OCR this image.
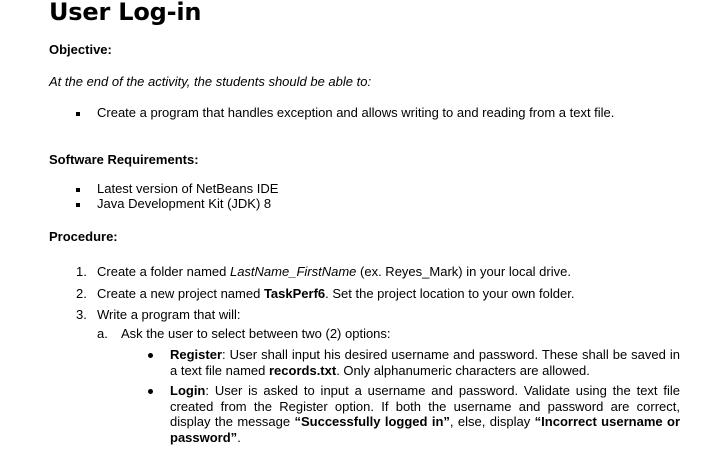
User Log-in
Objective:
At the end of the activity, the students should be able to:
Create a program that handles exception and allows writing to and reading from a text file.
Software Requirements:
Latest version of NetBeans IDE
Java Development Kit (JDK) 8
Procedure:
1. Create a folder named LastName_FirstName (ex. Reyes_Mark) in your local drive.
2. Create a new project named TaskPerf6. Set the project location to your own folder.
3. Write a program that will:
a. Ask the user to select between two (2) options:
Register: User shall input his desired username and password. These shall be saved in a text file named records.txt. Only alphanumeric characters are allowed.
Login: User is asked to input a username and password. Validate using the text file created from the Register option. If both the username and password are correct, display the message “Successfully logged in”, else, display “Incorrect username or password”.
